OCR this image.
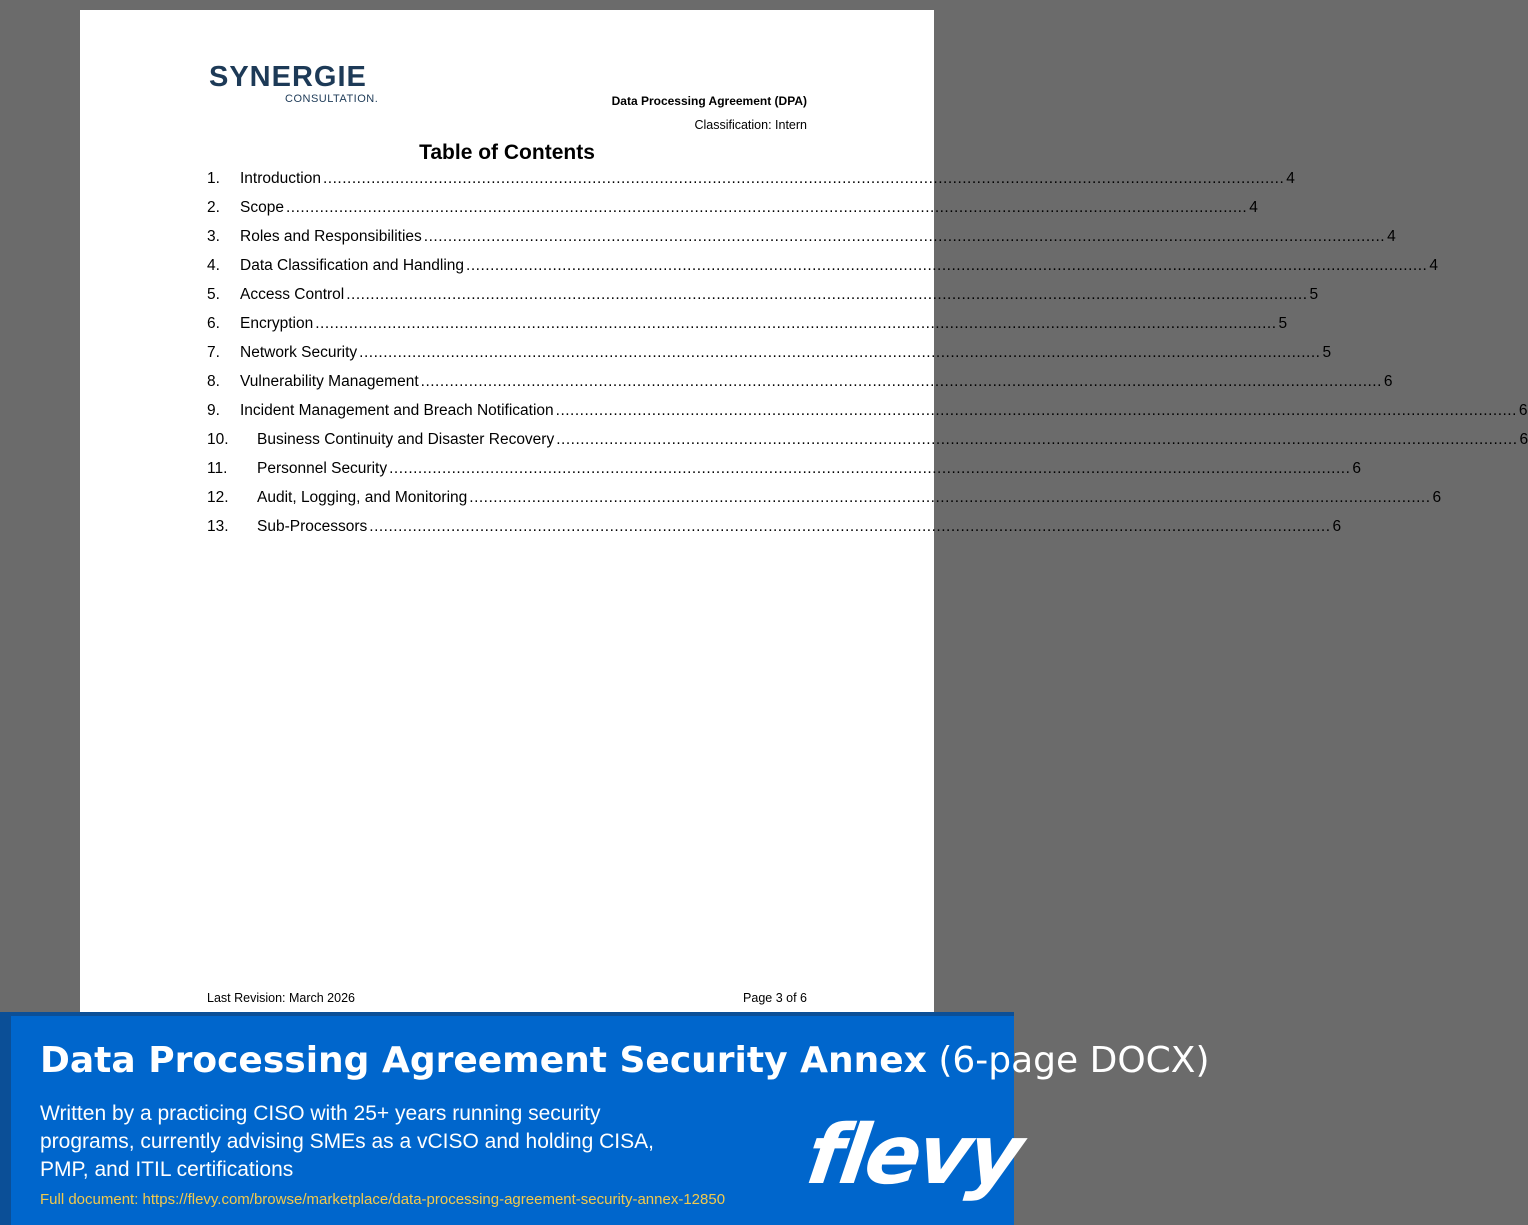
SYNERGIE
CONSULTATION.	Data Processing Agreement (DPA)
Classification: Intern
Table of Contents
1.	Introduction .....	4
2.	Scope .....	4
3.	Roles and Responsibilities .....	4
4.	Data Classification and Handling .....	4
5.	Access Control .....	5
6.	Encryption .....	5
7.	Network Security .....	5
8.	Vulnerability Management .....	6
9.	Incident Management and Breach Notification .....	6
10.	Business Continuity and Disaster Recovery .....	6
11.	Personnel Security .....	6
12.	Audit, Logging, and Monitoring .....	6
13.	Sub-Processors .....	6
Last Revision: March 2026	Page 3 of 6
Data Processing Agreement Security Annex (6-page DOCX)
Written by a practicing CISO with 25+ years running security programs, currently advising SMEs as a vCISO and holding CISA, PMP, and ITIL certifications
Full document: https://flevy.com/browse/marketplace/data-processing-agreement-security-annex-12850 flevy
